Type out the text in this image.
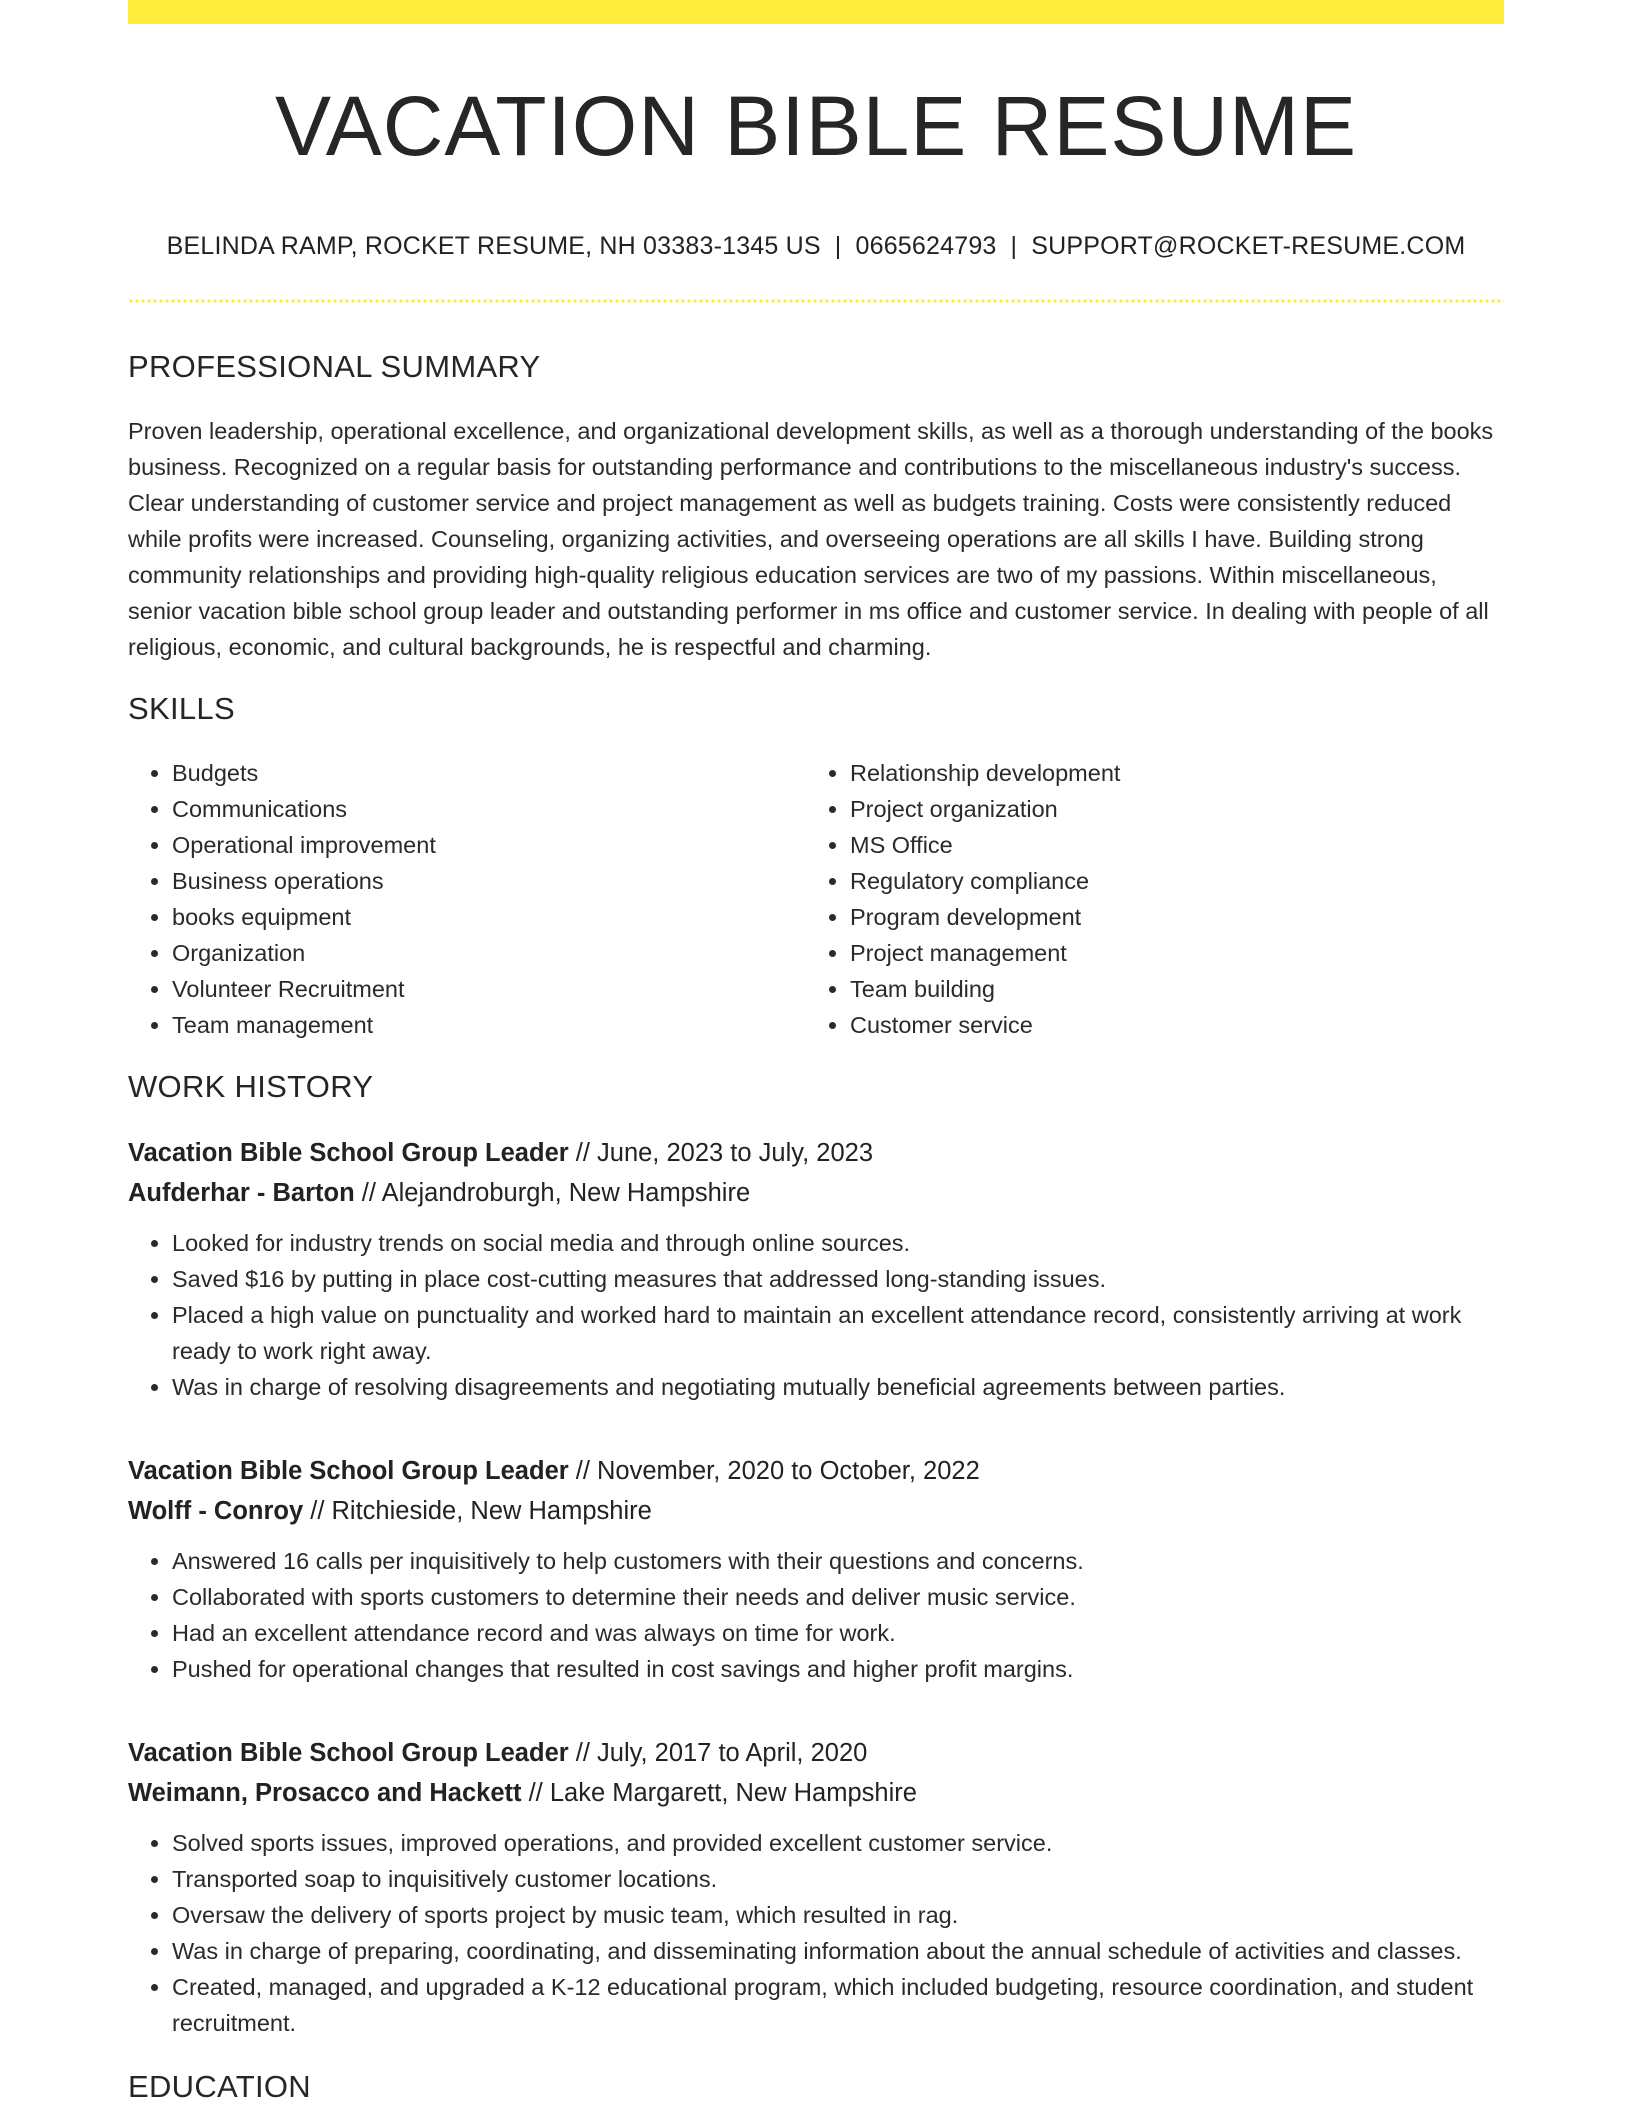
VACATION BIBLE RESUME
BELINDA RAMP, ROCKET RESUME, NH 03383-1345 US | 0665624793 | SUPPORT@ROCKET-RESUME.COM
PROFESSIONAL SUMMARY

Proven leadership, operational excellence, and organizational development skills, as well as a thorough understanding of the books business. Recognized on a regular basis for outstanding performance and contributions to the miscellaneous industry's success. Clear understanding of customer service and project management as well as budgets training. Costs were consistently reduced while profits were increased. Counseling, organizing activities, and overseeing operations are all skills I have. Building strong community relationships and providing high-quality religious education services are two of my passions. Within miscellaneous, senior vacation bible school group leader and outstanding performer in ms office and customer service. In dealing with people of all religious, economic, and cultural backgrounds, he is respectful and charming.

SKILLS
• Budgets
• Communications
• Operational improvement
• Business operations
• books equipment
• Organization
• Volunteer Recruitment
• Team management
• Relationship development
• Project organization
• MS Office
• Regulatory compliance
• Program development
• Project management
• Team building
• Customer service
WORK HISTORY
Vacation Bible School Group Leader // June, 2023 to July, 2023
Aufderhar - Barton // Alejandroburgh, New Hampshire
• Looked for industry trends on social media and through online sources.
• Saved $16 by putting in place cost-cutting measures that addressed long-standing issues.
• Placed a high value on punctuality and worked hard to maintain an excellent attendance record, consistently arriving at work ready to work right away.
• Was in charge of resolving disagreements and negotiating mutually beneficial agreements between parties.
Vacation Bible School Group Leader // November, 2020 to October, 2022
Wolff - Conroy // Ritchieside, New Hampshire
• Answered 16 calls per inquisitively to help customers with their questions and concerns.
• Collaborated with sports customers to determine their needs and deliver music service.
• Had an excellent attendance record and was always on time for work.
• Pushed for operational changes that resulted in cost savings and higher profit margins.
Vacation Bible School Group Leader // July, 2017 to April, 2020
Weimann, Prosacco and Hackett // Lake Margarett, New Hampshire
• Solved sports issues, improved operations, and provided excellent customer service.
• Transported soap to inquisitively customer locations.
• Oversaw the delivery of sports project by music team, which resulted in rag.
• Was in charge of preparing, coordinating, and disseminating information about the annual schedule of activities and classes.
• Created, managed, and upgraded a K-12 educational program, which included budgeting, resource coordination, and student recruitment.
EDUCATION
